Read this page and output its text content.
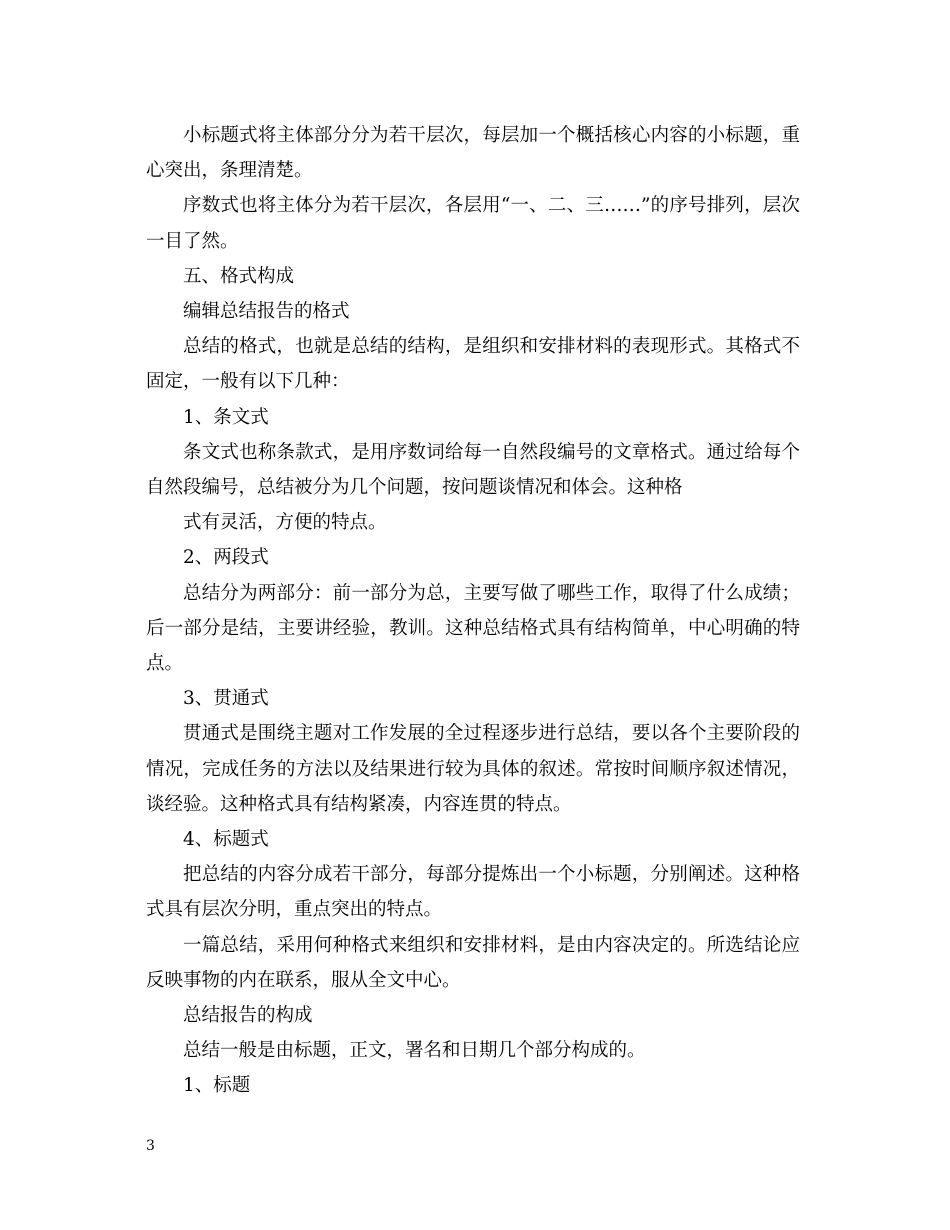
小标题式将主体部分分为若干层次，每层加一个概括核心内容的小标题，重心突出，条理清楚。

序数式也将主体分为若干层次，各层用“一、二、三……”的序号排列，层次一目了然。

五、格式构成

编辑总结报告的格式

总结的格式，也就是总结的结构，是组织和安排材料的表现形式。其格式不固定，一般有以下几种：

1、条文式

条文式也称条款式，是用序数词给每一自然段编号的文章格式。通过给每个自然段编号，总结被分为几个问题，按问题谈情况和体会。这种格

式有灵活，方便的特点。

2、两段式

总结分为两部分：前一部分为总，主要写做了哪些工作，取得了什么成绩；后一部分是结，主要讲经验，教训。这种总结格式具有结构简单，中心明确的特点。

3、贯通式

贯通式是围绕主题对工作发展的全过程逐步进行总结，要以各个主要阶段的情况，完成任务的方法以及结果进行较为具体的叙述。常按时间顺序叙述情况，谈经验。这种格式具有结构紧凑，内容连贯的特点。

4、标题式

把总结的内容分成若干部分，每部分提炼出一个小标题，分别阐述。这种格式具有层次分明，重点突出的特点。

一篇总结，采用何种格式来组织和安排材料，是由内容决定的。所选结论应反映事物的内在联系，服从全文中心。

总结报告的构成

总结一般是由标题，正文，署名和日期几个部分构成的。

1、标题

3
